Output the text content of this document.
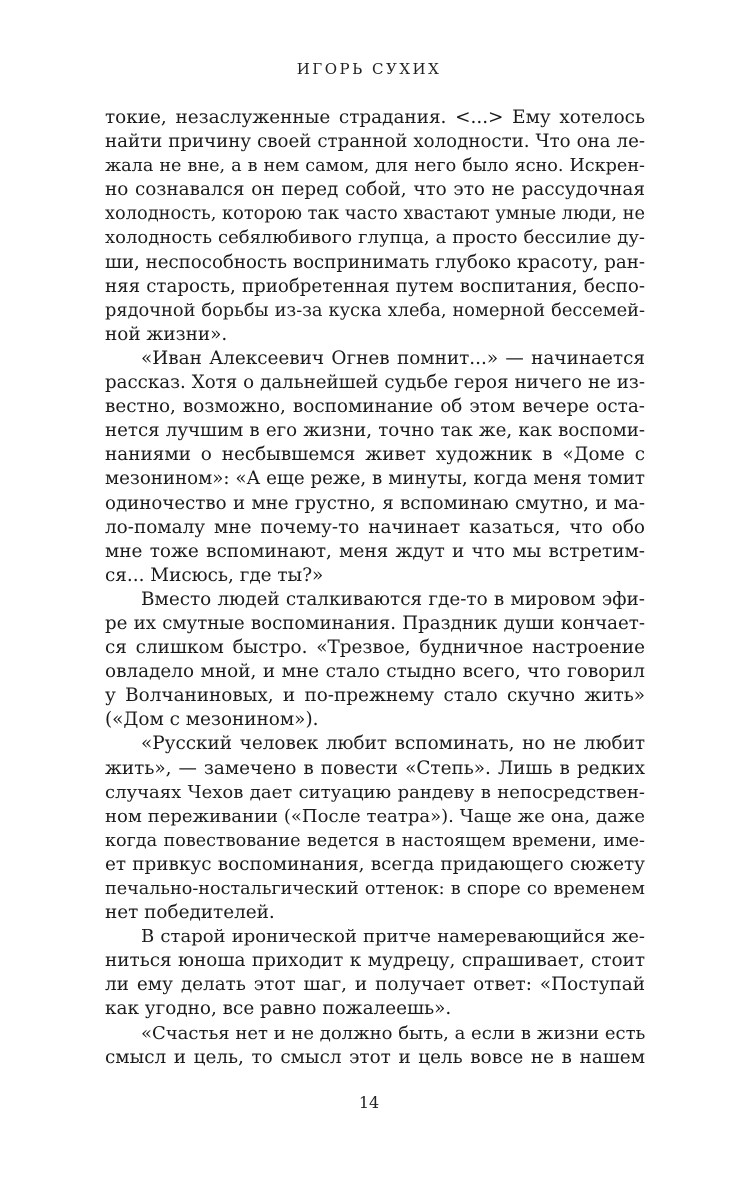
ИГОРЬ СУХИХ
токие, незаслуженные страдания. <...> Ему хотелось
найти причину своей странной холодности. Что она ле-
жала не вне, а в нем самом, для него было ясно. Искрен-
но сознавался он перед собой, что это не рассудочная
холодность, которою так часто хвастают умные люди, не
холодность себялюбивого глупца, а просто бессилие ду-
ши, неспособность воспринимать глубоко красоту, ран-
няя старость, приобретенная путем воспитания, беспо-
рядочной борьбы из-за куска хлеба, номерной бессемей-
ной жизни».
«Иван Алексеевич Огнев помнит...» — начинается
рассказ. Хотя о дальнейшей судьбе героя ничего не из-
вестно, возможно, воспоминание об этом вечере оста-
нется лучшим в его жизни, точно так же, как воспоми-
наниями о несбывшемся живет художник в «Доме с
мезонином»: «А еще реже, в минуты, когда меня томит
одиночество и мне грустно, я вспоминаю смутно, и ма-
ло-помалу мне почему-то начинает казаться, что обо
мне тоже вспоминают, меня ждут и что мы встретим-
ся... Мисюсь, где ты?»
Вместо людей сталкиваются где-то в мировом эфи-
ре их смутные воспоминания. Праздник души кончает-
ся слишком быстро. «Трезвое, будничное настроение
овладело мной, и мне стало стыдно всего, что говорил
у Волчаниновых, и по-прежнему стало скучно жить»
(«Дом с мезонином»).
«Русский человек любит вспоминать, но не любит
жить», — замечено в повести «Степь». Лишь в редких
случаях Чехов дает ситуацию рандеву в непосредствен-
ном переживании («После театра»). Чаще же она, даже
когда повествование ведется в настоящем времени, име-
ет привкус воспоминания, всегда придающего сюжету
печально-ностальгический оттенок: в споре со временем
нет победителей.
В старой иронической притче намеревающийся же-
ниться юноша приходит к мудрецу, спрашивает, стоит
ли ему делать этот шаг, и получает ответ: «Поступай
как угодно, все равно пожалеешь».
«Счастья нет и не должно быть, а если в жизни есть
смысл и цель, то смысл этот и цель вовсе не в нашем
14
